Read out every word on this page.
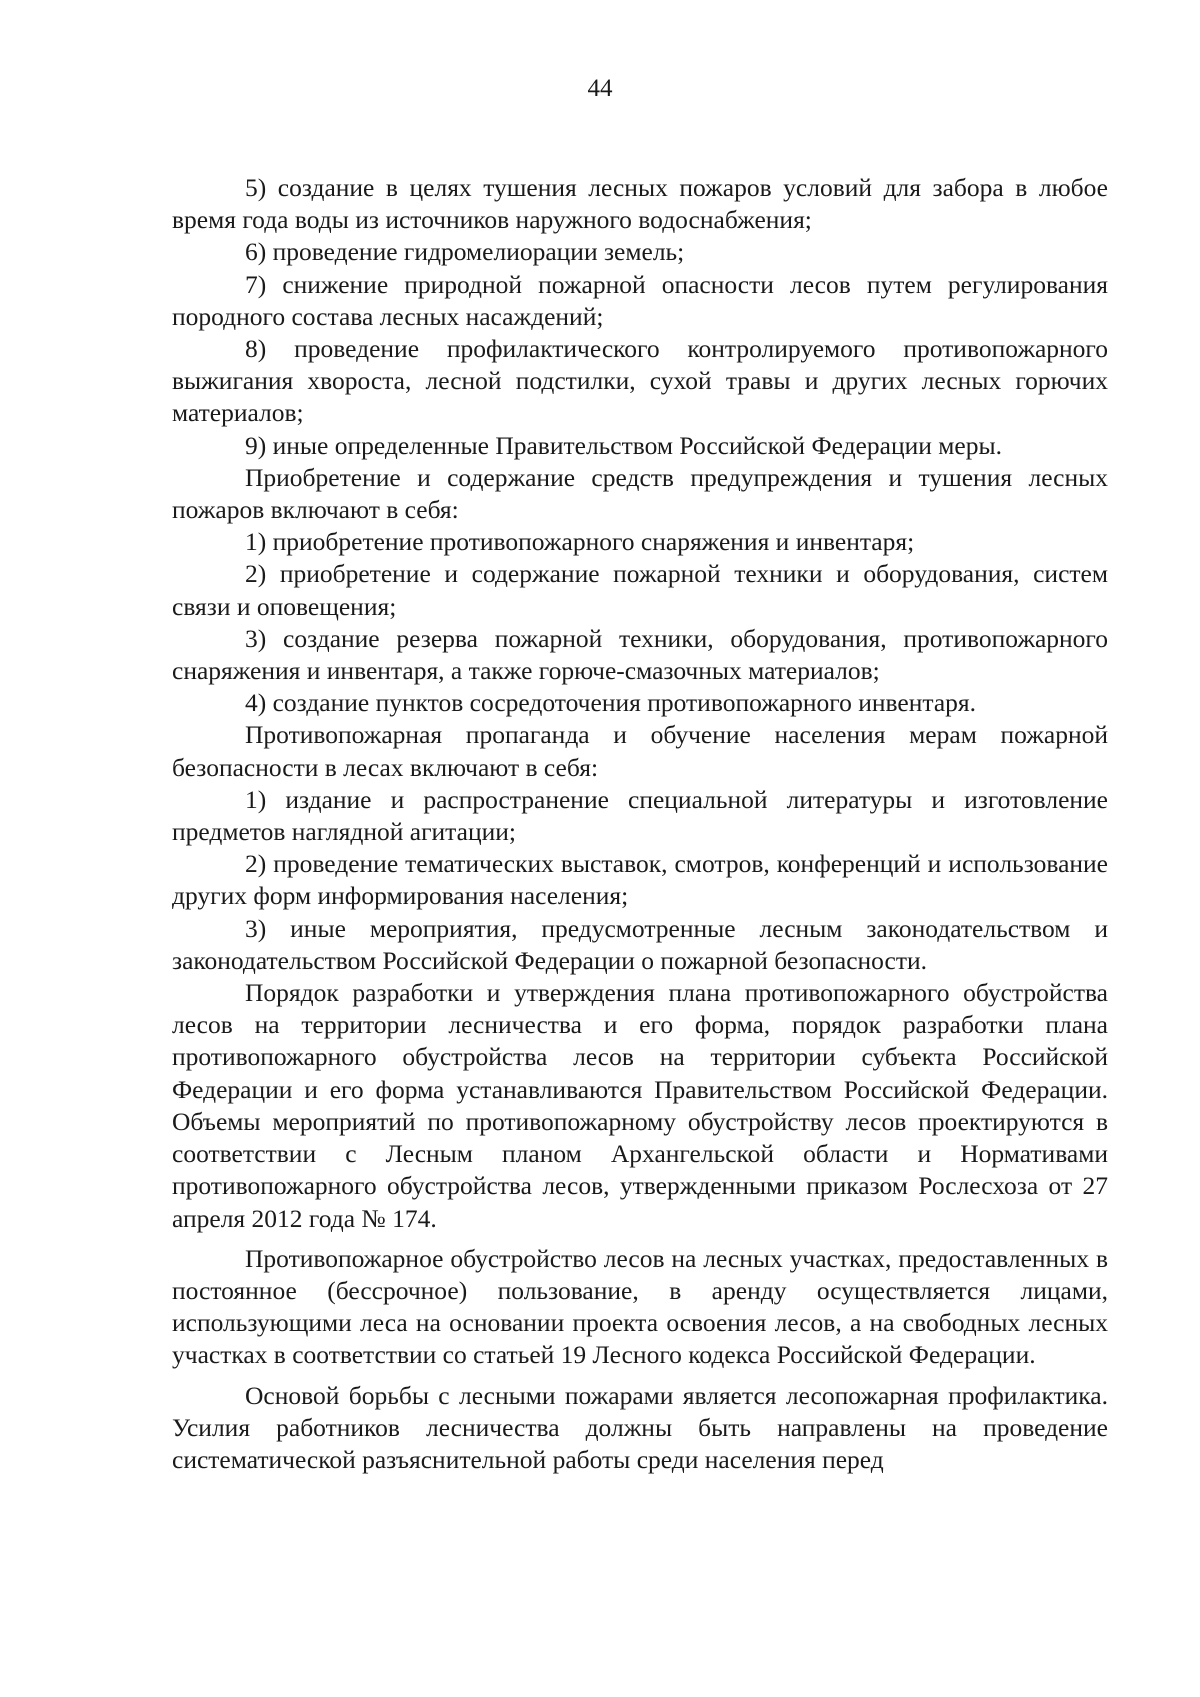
44

5) создание в целях тушения лесных пожаров условий для забора в любое время года воды из источников наружного водоснабжения;

6) проведение гидромелиорации земель;

7) снижение природной пожарной опасности лесов путем регулирования породного состава лесных насаждений;

8) проведение профилактического контролируемого противопожарного выжигания хвороста, лесной подстилки, сухой травы и других лесных горючих материалов;

9) иные определенные Правительством Российской Федерации меры.

Приобретение и содержание средств предупреждения и тушения лесных пожаров включают в себя:

1) приобретение противопожарного снаряжения и инвентаря;

2) приобретение и содержание пожарной техники и оборудования, систем связи и оповещения;

3) создание резерва пожарной техники, оборудования, противопожарного снаряжения и инвентаря, а также горюче-смазочных материалов;

4) создание пунктов сосредоточения противопожарного инвентаря.

Противопожарная пропаганда и обучение населения мерам пожарной безопасности в лесах включают в себя:

1) издание и распространение специальной литературы и изготовление предметов наглядной агитации;

2) проведение тематических выставок, смотров, конференций и использование других форм информирования населения;

3) иные мероприятия, предусмотренные лесным законодательством и законодательством Российской Федерации о пожарной безопасности.

Порядок разработки и утверждения плана противопожарного обустройства лесов на территории лесничества и его форма, порядок разработки плана противопожарного обустройства лесов на территории субъекта Российской Федерации и его форма устанавливаются Правительством Российской Федерации. Объемы мероприятий по противопожарному обустройству лесов проектируются в соответствии с Лесным планом Архангельской области и Нормативами противопожарного обустройства лесов, утвержденными приказом Рослесхоза от 27 апреля 2012 года № 174.

Противопожарное обустройство лесов на лесных участках, предоставленных в постоянное (бессрочное) пользование, в аренду осуществляется лицами, использующими леса на основании проекта освоения лесов, а на свободных лесных участках в соответствии со статьей 19 Лесного кодекса Российской Федерации.

Основой борьбы с лесными пожарами является лесопожарная профилактика. Усилия работников лесничества должны быть направлены на проведение систематической разъяснительной работы среди населения перед
